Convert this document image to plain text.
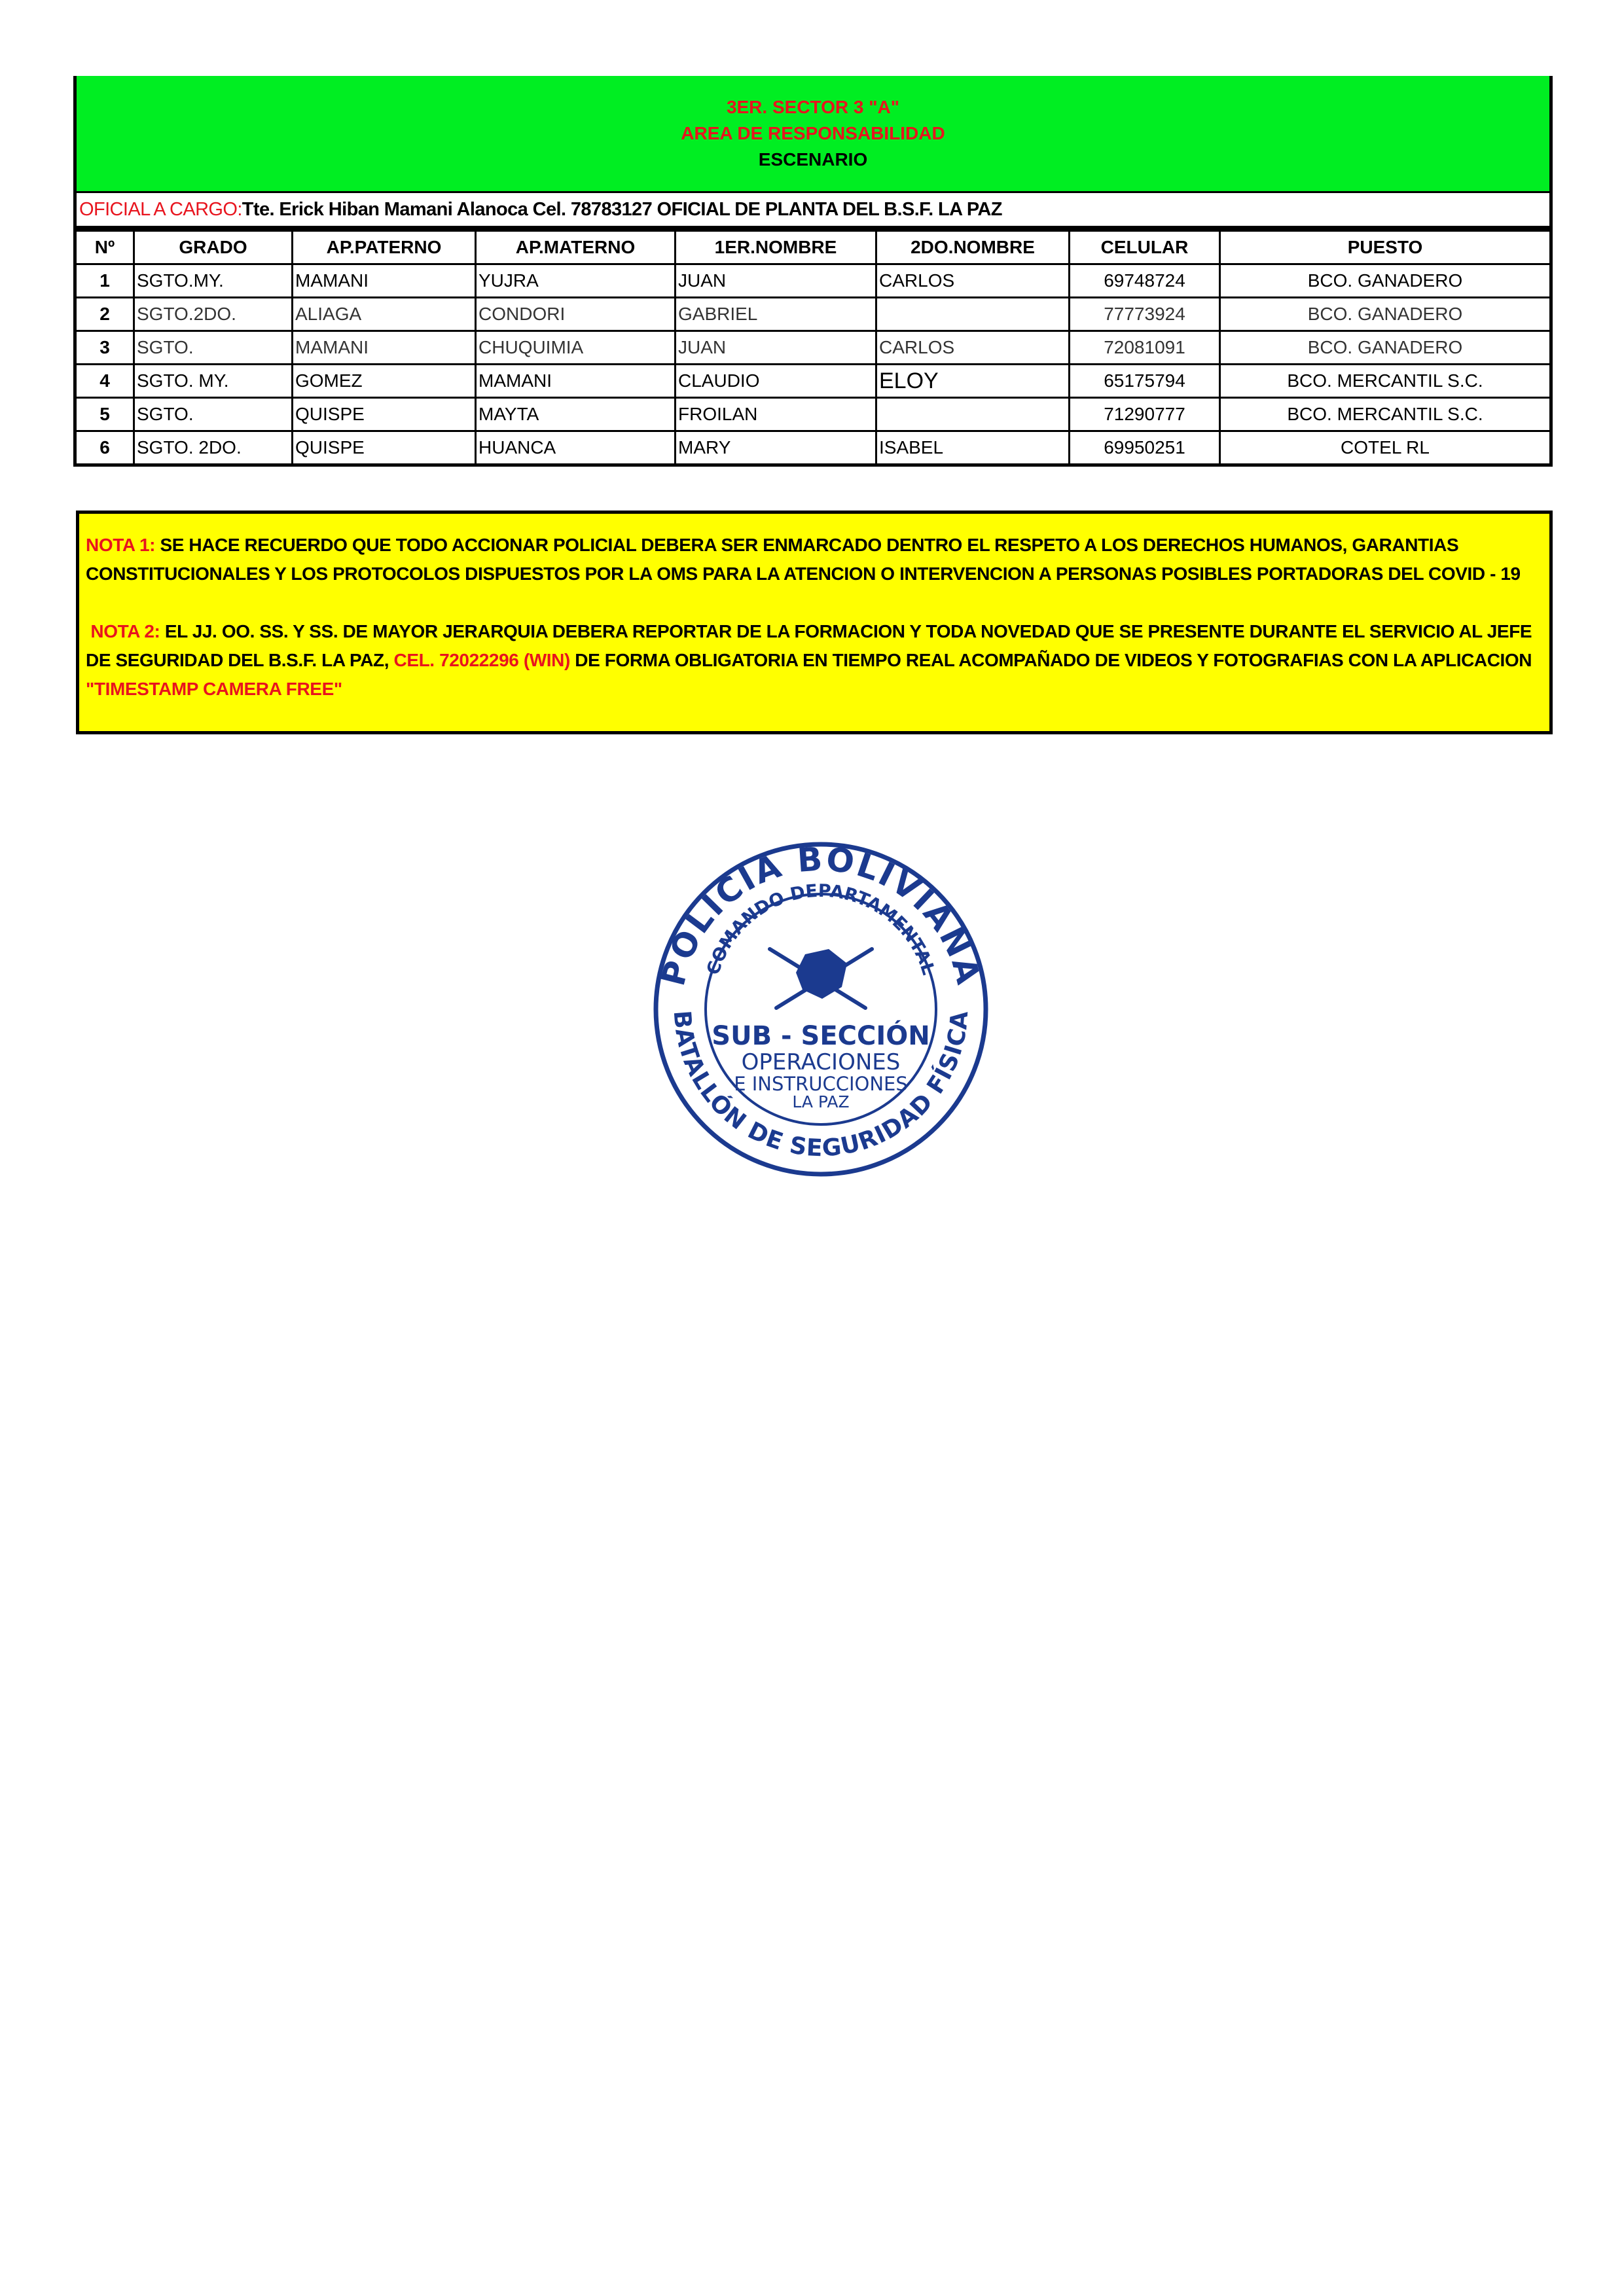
3ER. SECTOR 3 "A"
AREA DE RESPONSABILIDAD
ESCENARIO
OFICIAL A CARGO: Tte. Erick Hiban Mamani Alanoca Cel. 78783127 OFICIAL DE PLANTA DEL B.S.F. LA PAZ
Nº	GRADO	AP.PATERNO	AP.MATERNO	1ER.NOMBRE	2DO.NOMBRE	CELULAR	PUESTO
1	SGTO.MY.	MAMANI	YUJRA	JUAN	CARLOS	69748724	BCO. GANADERO
2	SGTO.2DO.	ALIAGA	CONDORI	GABRIEL		77773924	BCO. GANADERO
3	SGTO.	MAMANI	CHUQUIMIA	JUAN	CARLOS	72081091	BCO. GANADERO
4	SGTO. MY.	GOMEZ	MAMANI	CLAUDIO	ELOY	65175794	BCO. MERCANTIL S.C.
5	SGTO.	QUISPE	MAYTA	FROILAN		71290777	BCO. MERCANTIL S.C.
6	SGTO. 2DO.	QUISPE	HUANCA	MARY	ISABEL	69950251	COTEL RL

NOTA 1: SE HACE RECUERDO QUE TODO ACCIONAR POLICIAL DEBERA SER ENMARCADO DENTRO EL RESPETO A LOS DERECHOS HUMANOS, GARANTIAS CONSTITUCIONALES Y LOS PROTOCOLOS DISPUESTOS POR LA OMS PARA LA ATENCION O INTERVENCION A PERSONAS POSIBLES PORTADORAS DEL COVID - 19

NOTA 2: EL JJ. OO. SS. Y SS. DE MAYOR JERARQUIA DEBERA REPORTAR DE LA FORMACION Y TODA NOVEDAD QUE SE PRESENTE DURANTE EL SERVICIO AL JEFE DE SEGURIDAD DEL B.S.F. LA PAZ, CEL. 72022296 (WIN) DE FORMA OBLIGATORIA EN TIEMPO REAL ACOMPAÑADO DE VIDEOS Y FOTOGRAFIAS CON LA APLICACION "TIMESTAMP CAMERA FREE"

POLICIA BOLIVIANA
BATALLÓN DE SEGURIDAD FÍSICA
COMANDO DEPARTAMENTAL
SUB - SECCIÓN
OPERACIONES
E INSTRUCCIONES
LA PAZ
